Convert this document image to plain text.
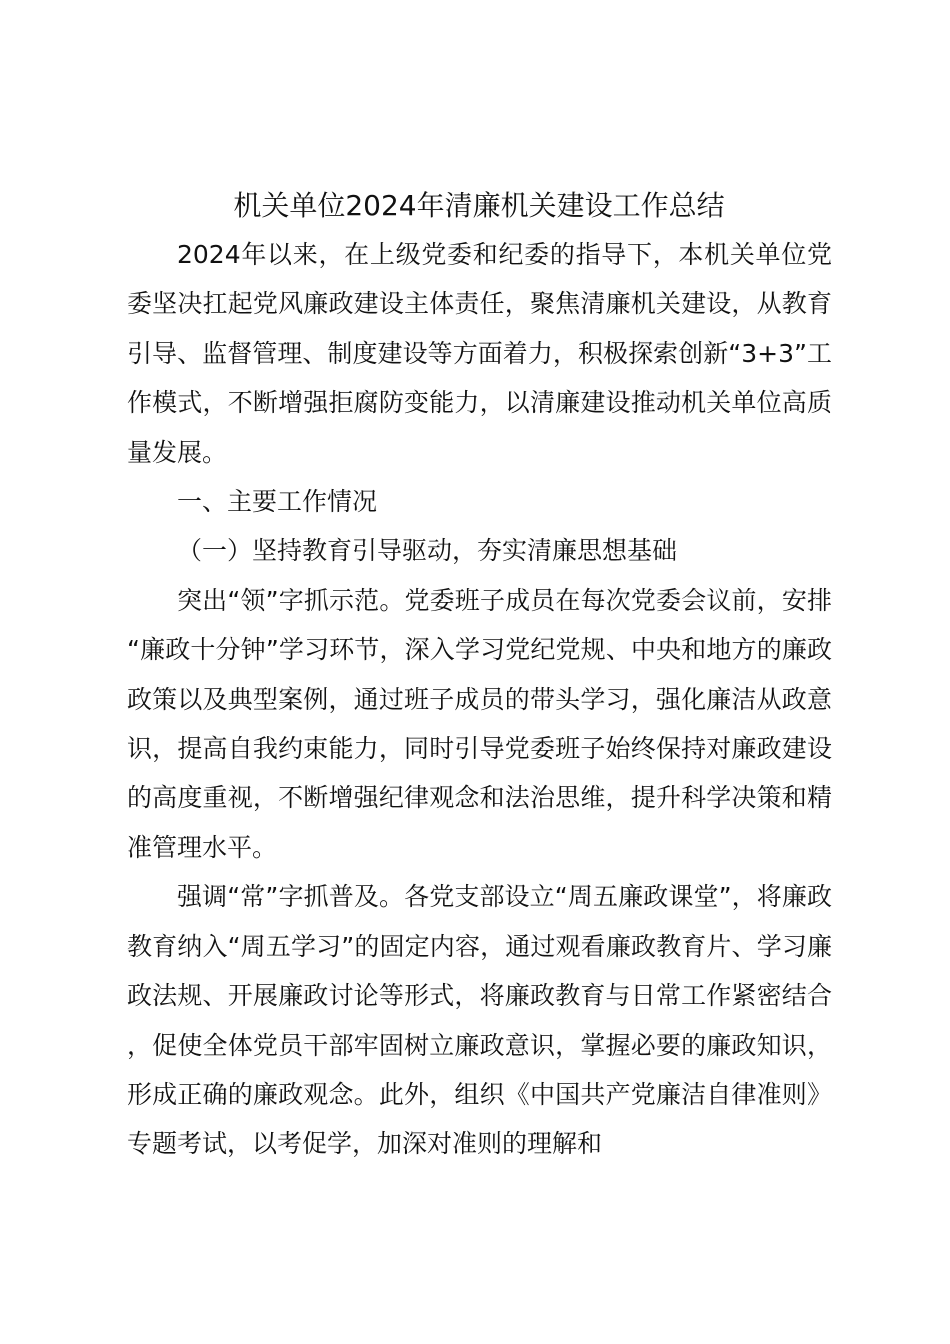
机关单位2024年清廉机关建设工作总结

2024年以来，在上级党委和纪委的指导下，本机关单位党委坚决扛起党风廉政建设主体责任，聚焦清廉机关建设，从教育引导、监督管理、制度建设等方面着力，积极探索创新“3+3”工作模式，不断增强拒腐防变能力，以清廉建设推动机关单位高质量发展。

一、主要工作情况

（一）坚持教育引导驱动，夯实清廉思想基础

突出“领”字抓示范。党委班子成员在每次党委会议前，安排“廉政十分钟”学习环节，深入学习党纪党规、中央和地方的廉政政策以及典型案例，通过班子成员的带头学习，强化廉洁从政意识，提高自我约束能力，同时引导党委班子始终保持对廉政建设的高度重视，不断增强纪律观念和法治思维，提升科学决策和精准管理水平。

强调“常”字抓普及。各党支部设立“周五廉政课堂”，将廉政教育纳入“周五学习”的固定内容，通过观看廉政教育片、学习廉政法规、开展廉政讨论等形式，将廉政教育与日常工作紧密结合，促使全体党员干部牢固树立廉政意识，掌握必要的廉政知识，形成正确的廉政观念。此外，组织《中国共产党廉洁自律准则》专题考试，以考促学，加深对准则的理解和
